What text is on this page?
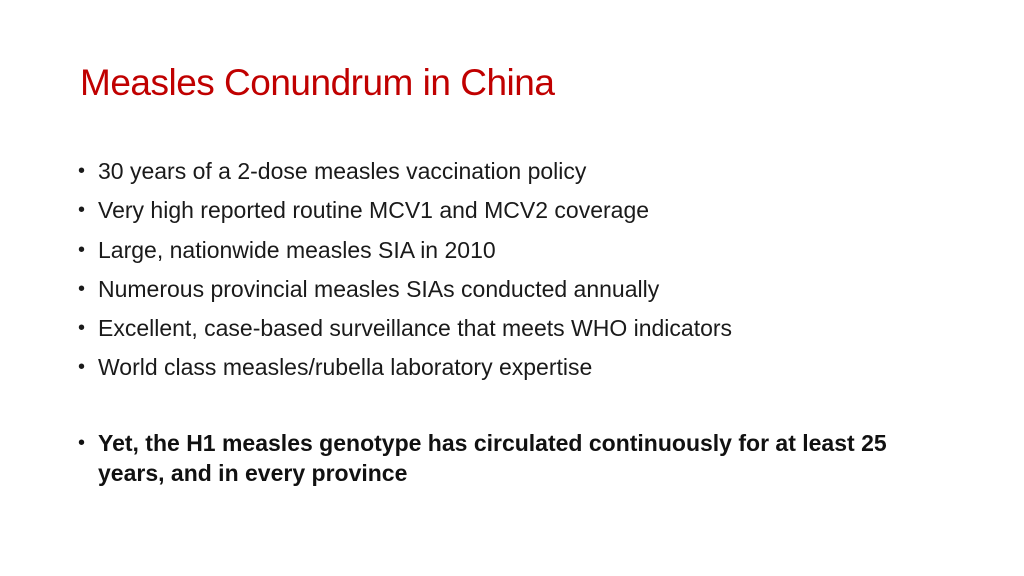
Measles Conundrum in China
• 30 years of a 2-dose measles vaccination policy
• Very high reported routine MCV1 and MCV2 coverage
• Large, nationwide measles SIA in 2010
• Numerous provincial measles SIAs conducted annually
• Excellent, case-based surveillance that meets WHO indicators
• World class measles/rubella laboratory expertise
• Yet, the H1 measles genotype has circulated continuously for at least 25 years, and in every province
